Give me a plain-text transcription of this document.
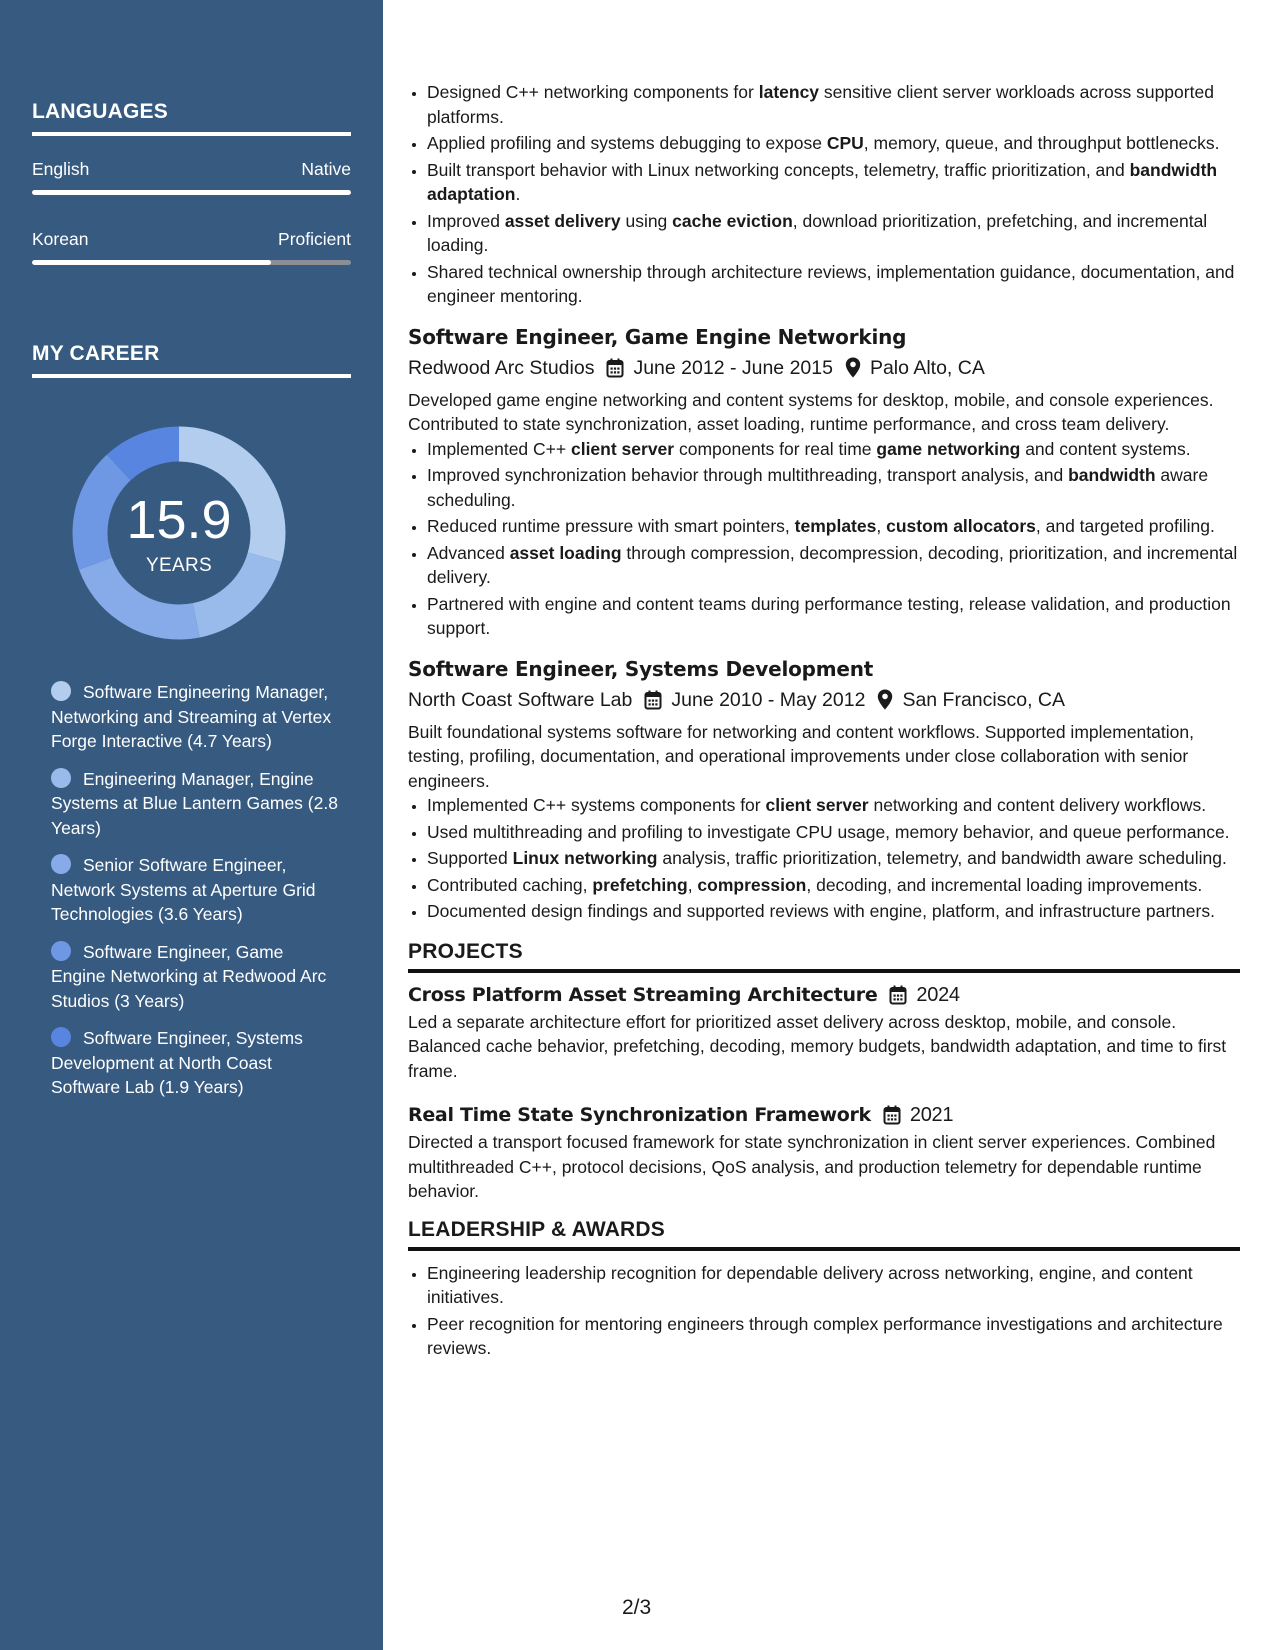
LANGUAGES
English	Native
Korean	Proficient
MY CAREER
15.9
YEARS
Software Engineering Manager, Networking and Streaming at Vertex Forge Interactive (4.7 Years)
Engineering Manager, Engine Systems at Blue Lantern Games (2.8 Years)
Senior Software Engineer, Network Systems at Aperture Grid Technologies (3.6 Years)
Software Engineer, Game Engine Networking at Redwood Arc Studios (3 Years)
Software Engineer, Systems Development at North Coast Software Lab (1.9 Years)
• Designed C++ networking components for latency sensitive client server workloads across supported platforms.
• Applied profiling and systems debugging to expose CPU, memory, queue, and throughput bottlenecks.
• Built transport behavior with Linux networking concepts, telemetry, traffic prioritization, and bandwidth adaptation.
• Improved asset delivery using cache eviction, download prioritization, prefetching, and incremental loading.
• Shared technical ownership through architecture reviews, implementation guidance, documentation, and engineer mentoring.
Software Engineer, Game Engine Networking
Redwood Arc Studios June 2012 - June 2015 Palo Alto, CA
Developed game engine networking and content systems for desktop, mobile, and console experiences. Contributed to state synchronization, asset loading, runtime performance, and cross team delivery.
• Implemented C++ client server components for real time game networking and content systems.
• Improved synchronization behavior through multithreading, transport analysis, and bandwidth aware scheduling.
• Reduced runtime pressure with smart pointers, templates, custom allocators, and targeted profiling.
• Advanced asset loading through compression, decompression, decoding, prioritization, and incremental delivery.
• Partnered with engine and content teams during performance testing, release validation, and production support.
Software Engineer, Systems Development
North Coast Software Lab June 2010 - May 2012 San Francisco, CA
Built foundational systems software for networking and content workflows. Supported implementation, testing, profiling, documentation, and operational improvements under close collaboration with senior engineers.
• Implemented C++ systems components for client server networking and content delivery workflows.
• Used multithreading and profiling to investigate CPU usage, memory behavior, and queue performance.
• Supported Linux networking analysis, traffic prioritization, telemetry, and bandwidth aware scheduling.
• Contributed caching, prefetching, compression, decoding, and incremental loading improvements.
• Documented design findings and supported reviews with engine, platform, and infrastructure partners.
PROJECTS
Cross Platform Asset Streaming Architecture 2024
Led a separate architecture effort for prioritized asset delivery across desktop, mobile, and console. Balanced cache behavior, prefetching, decoding, memory budgets, bandwidth adaptation, and time to first frame.
Real Time State Synchronization Framework 2021
Directed a transport focused framework for state synchronization in client server experiences. Combined multithreaded C++, protocol decisions, QoS analysis, and production telemetry for dependable runtime behavior.
LEADERSHIP & AWARDS
• Engineering leadership recognition for dependable delivery across networking, engine, and content initiatives.
• Peer recognition for mentoring engineers through complex performance investigations and architecture reviews.
2/3
